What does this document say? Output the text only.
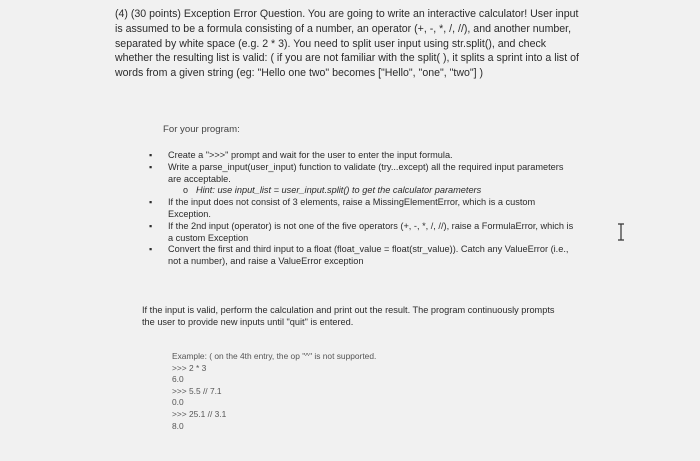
(4) (30 points) Exception Error Question. You are going to write an interactive calculator! User input is assumed to be a formula consisting of a number, an operator (+, -, *, /, //), and another number, separated by white space (e.g. 2 * 3). You need to split user input using str.split(), and check whether the resulting list is valid: ( if you are not familiar with the split( ), it splits a sprint into a list of words from a given string (eg: "Hello one two" becomes ["Hello", "one", "two"] )

For your program:

▪ Create a ">>>" prompt and wait for the user to enter the input formula.
▪ Write a parse_input(user_input) function to validate (try...except) all the required input parameters are acceptable.
o Hint: use input_list = user_input.split() to get the calculator parameters
▪ If the input does not consist of 3 elements, raise a MissingElementError, which is a custom Exception.
▪ If the 2nd input (operator) is not one of the five operators (+, -, *, /, //), raise a FormulaError, which is a custom Exception
▪ Convert the first and third input to a float (float_value = float(str_value)). Catch any ValueError (i.e., not a number), and raise a ValueError exception

If the input is valid, perform the calculation and print out the result. The program continuously prompts the user to provide new inputs until "quit" is entered.

Example: ( on the 4th entry, the op "^" is not supported.
>>> 2 * 3
6.0
>>> 5.5 // 7.1
0.0
>>> 25.1 // 3.1
8.0
